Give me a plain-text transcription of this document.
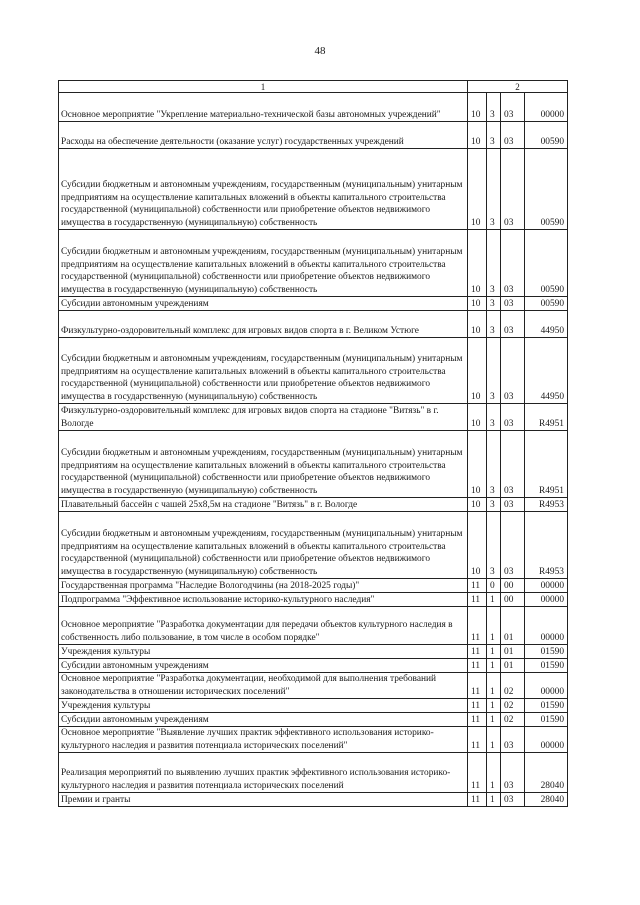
48
1	2			
Основное мероприятие "Укрепление материально-технической базы автономных учреждений"	10	3	03	00000
Расходы на обеспечение деятельности (оказание услуг) государственных учреждений	10	3	03	00590
Субсидии бюджетным и автономным учреждениям, государственным (муниципальным) унитарным предприятиям на осуществление капитальных вложений в объекты капитального строительства государственной (муниципальной) собственности или приобретение объектов недвижимого имущества в государственную (муниципальную) собственность	10	3	03	00590
Субсидии бюджетным и автономным учреждениям, государственным (муниципальным) унитарным предприятиям на осуществление капитальных вложений в объекты капитального строительства государственной (муниципальной) собственности или приобретение объектов недвижимого имущества в государственную (муниципальную) собственность	10	3	03	00590
Субсидии автономным учреждениям	10	3	03	00590
Физкультурно-оздоровительный комплекс для игровых видов спорта в г. Великом Устюге	10	3	03	44950
Субсидии бюджетным и автономным учреждениям, государственным (муниципальным) унитарным предприятиям на осуществление капитальных вложений в объекты капитального строительства государственной (муниципальной) собственности или приобретение объектов недвижимого имущества в государственную (муниципальную) собственность	10	3	03	44950
Физкультурно-оздоровительный комплекс для игровых видов спорта на стадионе "Витязь" в г. Вологде	10	3	03	R4951
Субсидии бюджетным и автономным учреждениям, государственным (муниципальным) унитарным предприятиям на осуществление капитальных вложений в объекты капитального строительства государственной (муниципальной) собственности или приобретение объектов недвижимого имущества в государственную (муниципальную) собственность	10	3	03	R4951
Плавательный бассейн с чашей 25х8,5м на стадионе "Витязь" в г. Вологде	10	3	03	R4953
Субсидии бюджетным и автономным учреждениям, государственным (муниципальным) унитарным предприятиям на осуществление капитальных вложений в объекты капитального строительства государственной (муниципальной) собственности или приобретение объектов недвижимого имущества в государственную (муниципальную) собственность	10	3	03	R4953
Государственная программа "Наследие Вологодчины (на 2018-2025 годы)"	11	0	00	00000
Подпрограмма "Эффективное использование историко-культурного наследия"	11	1	00	00000
Основное мероприятие "Разработка документации для передачи объектов культурного наследия в собственность либо пользование, в том числе в особом порядке"	11	1	01	00000
Учреждения культуры	11	1	01	01590
Субсидии автономным учреждениям	11	1	01	01590
Основное мероприятие "Разработка документации, необходимой для выполнения требований законодательства в отношении исторических поселений"	11	1	02	00000
Учреждения культуры	11	1	02	01590
Субсидии автономным учреждениям	11	1	02	01590
Основное мероприятие "Выявление лучших практик эффективного использования историко-культурного наследия и развития потенциала исторических поселений"	11	1	03	00000
Реализация мероприятий по выявлению лучших практик эффективного использования историко-культурного наследия и развития потенциала исторических поселений	11	1	03	28040
Премии и гранты	11	1	03	28040
